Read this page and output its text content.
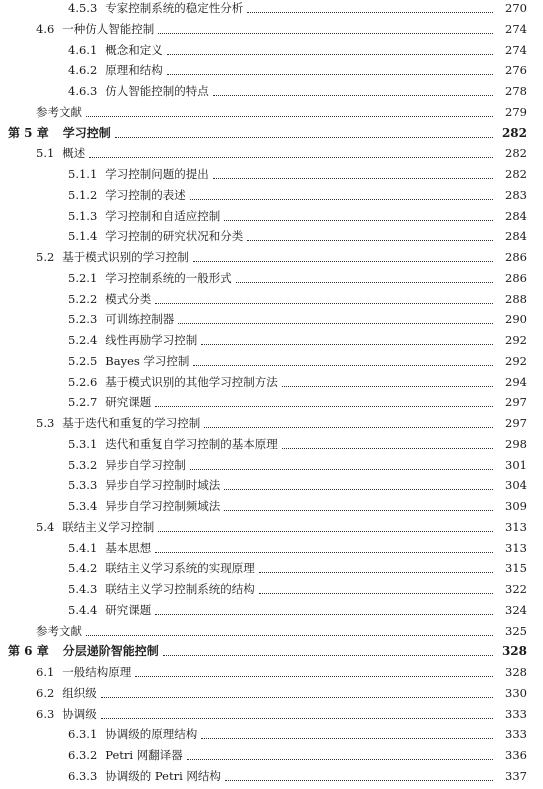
4.5.3 专家控制系统的稳定性分析	270
4.6 一种仿人智能控制	274
4.6.1 概念和定义	274
4.6.2 原理和结构	276
4.6.3 仿人智能控制的特点	278
参考文献	279
第 5 章 学习控制	282
5.1 概述	282
5.1.1 学习控制问题的提出	282
5.1.2 学习控制的表述	283
5.1.3 学习控制和自适应控制	284
5.1.4 学习控制的研究状况和分类	284
5.2 基于模式识别的学习控制	286
5.2.1 学习控制系统的一般形式	286
5.2.2 模式分类	288
5.2.3 可训练控制器	290
5.2.4 线性再励学习控制	292
5.2.5 Bayes 学习控制	292
5.2.6 基于模式识别的其他学习控制方法	294
5.2.7 研究课题	297
5.3 基于迭代和重复的学习控制	297
5.3.1 迭代和重复自学习控制的基本原理	298
5.3.2 异步自学习控制	301
5.3.3 异步自学习控制时域法	304
5.3.4 异步自学习控制频域法	309
5.4 联结主义学习控制	313
5.4.1 基本思想	313
5.4.2 联结主义学习系统的实现原理	315
5.4.3 联结主义学习控制系统的结构	322
5.4.4 研究课题	324
参考文献	325
第 6 章 分层递阶智能控制	328
6.1 一般结构原理	328
6.2 组织级	330
6.3 协调级	333
6.3.1 协调级的原理结构	333
6.3.2 Petri 网翻译器	336
6.3.3 协调级的 Petri 网结构	337
